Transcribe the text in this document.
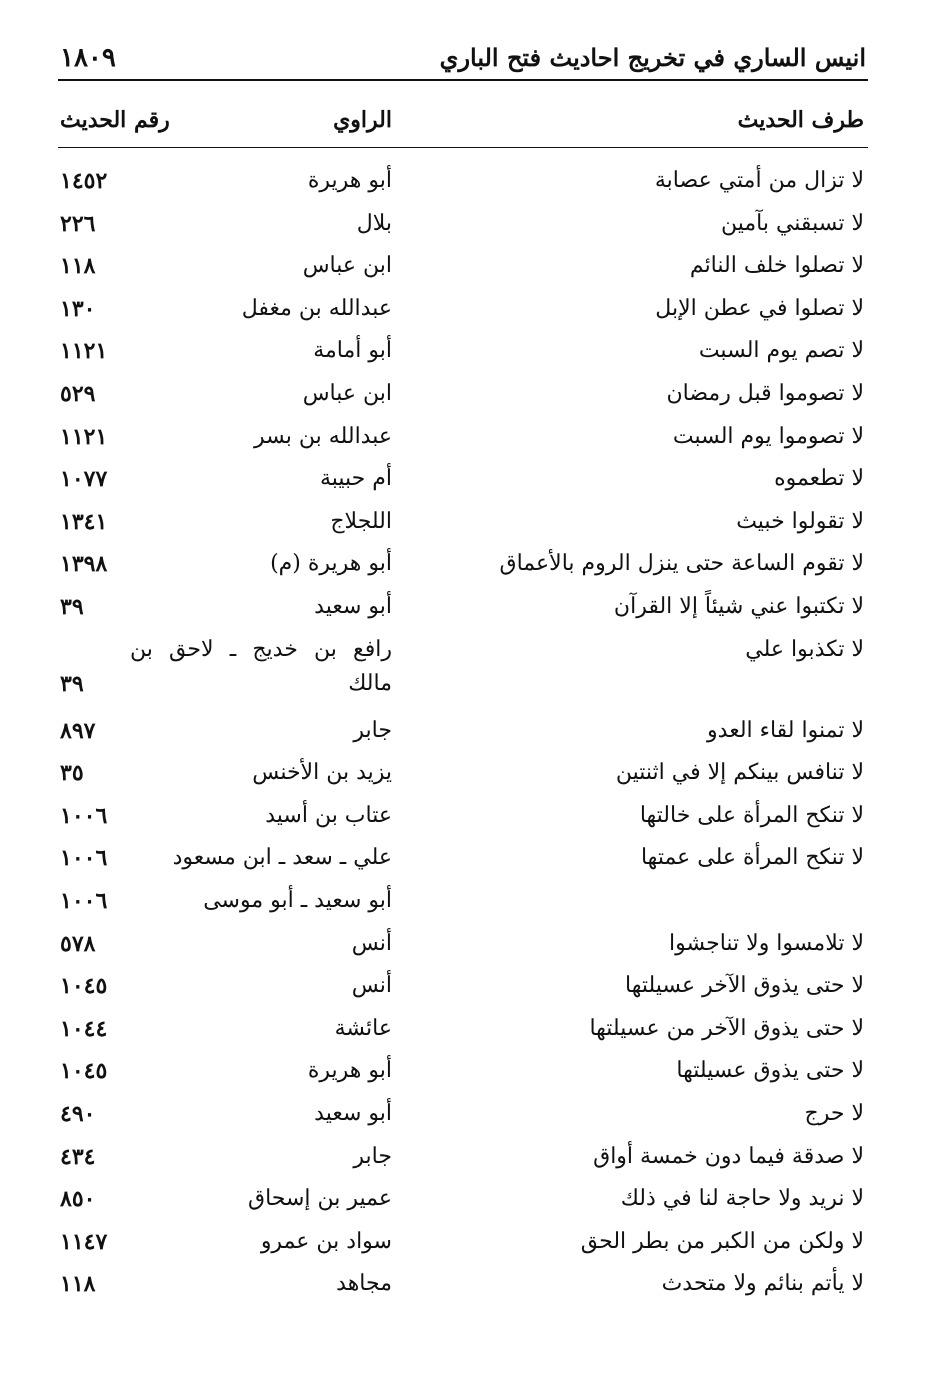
انيس الساري في تخريج احاديث فتح الباري
١٨٠٩
طرف الحديث
الراوي
رقم الحديث
لا تزال من أمتي عصابة
أبو هريرة
١٤٥٢
لا تسبقني بآمين
بلال
٢٢٦
لا تصلوا خلف النائم
ابن عباس
١١٨
لا تصلوا في عطن الإبل
عبدالله بن مغفل
١٣٠
لا تصم يوم السبت
أبو أمامة
١١٢١
لا تصوموا قبل رمضان
ابن عباس
٥٢٩
لا تصوموا يوم السبت
عبدالله بن بسر
١١٢١
لا تطعموه
أم حبيبة
١٠٧٧
لا تقولوا خبيث
اللجلاج
١٣٤١
لا تقوم الساعة حتى ينزل الروم بالأعماق
أبو هريرة (م)
١٣٩٨
لا تكتبوا عني شيئاً إلا القرآن
أبو سعيد
٣٩
لا تكذبوا علي
رافع بن خديج ـ لاحق بن مالك
٣٩
لا تمنوا لقاء العدو
جابر
٨٩٧
لا تنافس بينكم إلا في اثنتين
يزيد بن الأخنس
٣٥
لا تنكح المرأة على خالتها
عتاب بن أسيد
١٠٠٦
لا تنكح المرأة على عمتها
علي ـ سعد ـ ابن مسعود
١٠٠٦
أبو سعيد ـ أبو موسى
١٠٠٦
لا تلامسوا ولا تناجشوا
أنس
٥٧٨
لا حتى يذوق الآخر عسيلتها
أنس
١٠٤٥
لا حتى يذوق الآخر من عسيلتها
عائشة
١٠٤٤
لا حتى يذوق عسيلتها
أبو هريرة
١٠٤٥
لا حرج
أبو سعيد
٤٩٠
لا صدقة فيما دون خمسة أواق
جابر
٤٣٤
لا نريد ولا حاجة لنا في ذلك
عمير بن إسحاق
٨٥٠
لا ولكن من الكبر من بطر الحق
سواد بن عمرو
١١٤٧
لا يأتم بنائم ولا متحدث
مجاهد
١١٨
